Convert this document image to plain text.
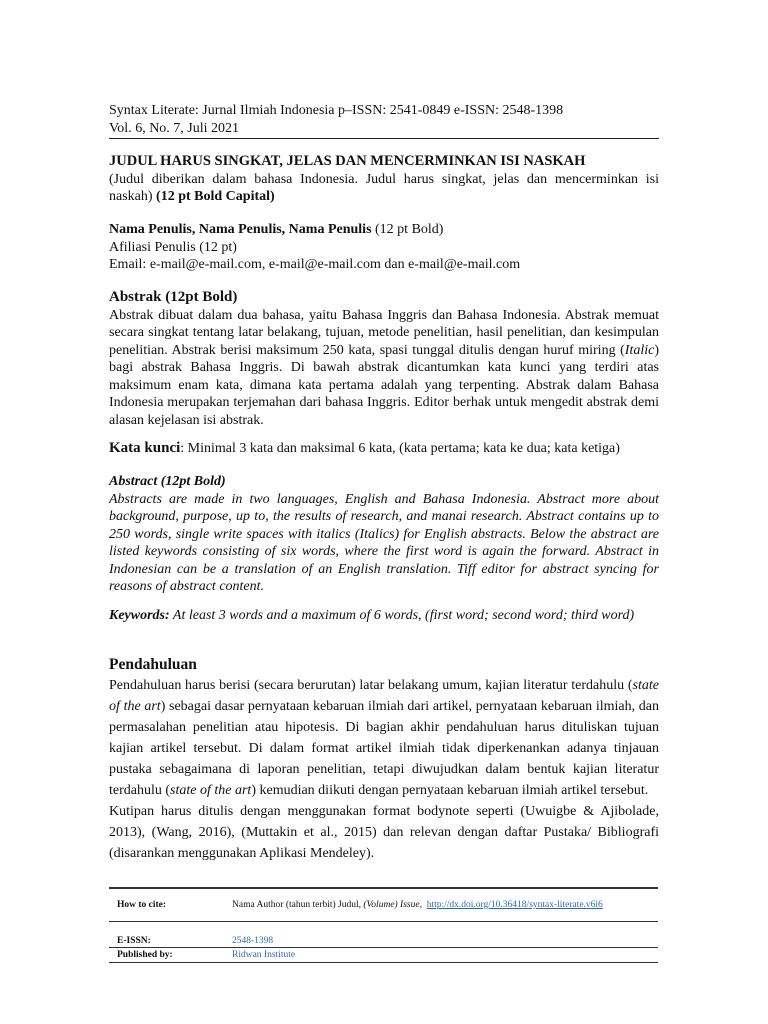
Syntax Literate: Jurnal Ilmiah Indonesia p–ISSN: 2541-0849 e-ISSN: 2548-1398
Vol. 6, No. 7, Juli 2021
JUDUL HARUS SINGKAT, JELAS DAN MENCERMINKAN ISI NASKAH
(Judul diberikan dalam bahasa Indonesia. Judul harus singkat, jelas dan mencerminkan isi naskah) (12 pt Bold Capital)
Nama Penulis, Nama Penulis, Nama Penulis (12 pt Bold)
Afiliasi Penulis (12 pt)
Email: e-mail@e-mail.com, e-mail@e-mail.com dan e-mail@e-mail.com
Abstrak (12pt Bold)
Abstrak dibuat dalam dua bahasa, yaitu Bahasa Inggris dan Bahasa Indonesia. Abstrak memuat secara singkat tentang latar belakang, tujuan, metode penelitian, hasil penelitian, dan kesimpulan penelitian. Abstrak berisi maksimum 250 kata, spasi tunggal ditulis dengan huruf miring (Italic) bagi abstrak Bahasa Inggris. Di bawah abstrak dicantumkan kata kunci yang terdiri atas maksimum enam kata, dimana kata pertama adalah yang terpenting. Abstrak dalam Bahasa Indonesia merupakan terjemahan dari bahasa Inggris. Editor berhak untuk mengedit abstrak demi alasan kejelasan isi abstrak.
Kata kunci: Minimal 3 kata dan maksimal 6 kata, (kata pertama; kata ke dua; kata ketiga)
Abstract (12pt Bold)
Abstracts are made in two languages, English and Bahasa Indonesia. Abstract more about background, purpose, up to, the results of research, and manai research. Abstract contains up to 250 words, single write spaces with italics (Italics) for English abstracts. Below the abstract are listed keywords consisting of six words, where the first word is again the forward. Abstract in Indonesian can be a translation of an English translation. Tiff editor for abstract syncing for reasons of abstract content.
Keywords: At least 3 words and a maximum of 6 words, (first word; second word; third word)
Pendahuluan
Pendahuluan harus berisi (secara berurutan) latar belakang umum, kajian literatur terdahulu (state of the art) sebagai dasar pernyataan kebaruan ilmiah dari artikel, pernyataan kebaruan ilmiah, dan permasalahan penelitian atau hipotesis. Di bagian akhir pendahuluan harus dituliskan tujuan kajian artikel tersebut. Di dalam format artikel ilmiah tidak diperkenankan adanya tinjauan pustaka sebagaimana di laporan penelitian, tetapi diwujudkan dalam bentuk kajian literatur terdahulu (state of the art) kemudian diikuti dengan pernyataan kebaruan ilmiah artikel tersebut.
Kutipan harus ditulis dengan menggunakan format bodynote seperti (Uwuigbe & Ajibolade, 2013), (Wang, 2016), (Muttakin et al., 2015) dan relevan dengan daftar Pustaka/ Bibliografi (disarankan menggunakan Aplikasi Mendeley).
How to cite:	Nama Author (tahun terbit) Judul, (Volume) Issue, http://dx.doi.org/10.36418/syntax-literate.v6i6
E-ISSN:	2548-1398
Published by:	Ridwan Institute
